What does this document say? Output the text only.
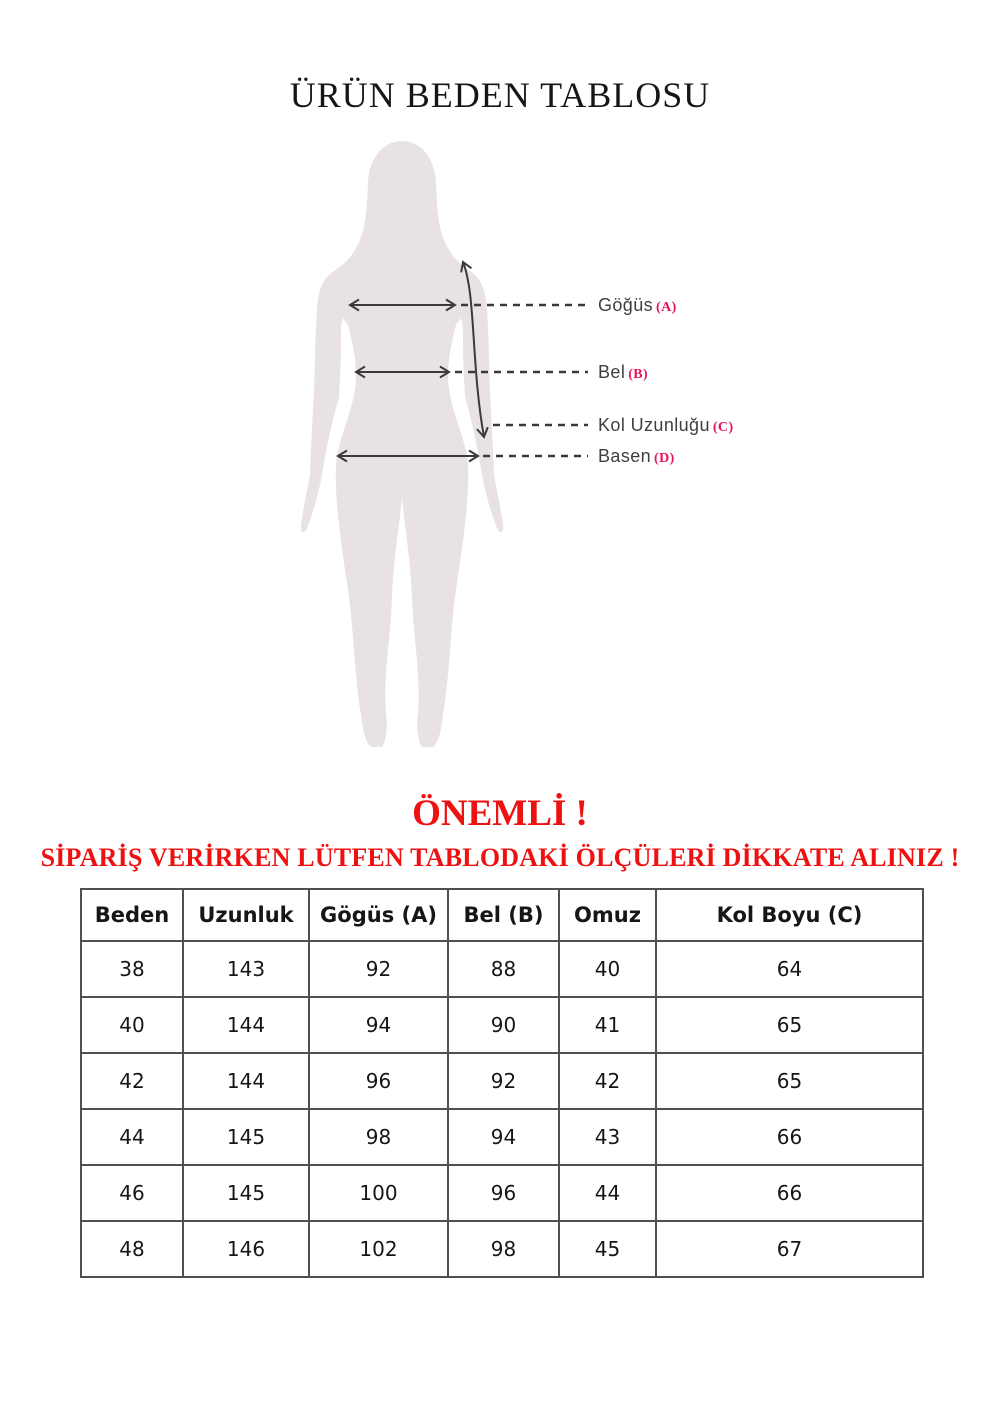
ÜRÜN BEDEN TABLOSU
Göğüs (A)
Bel (B)
Kol Uzunluğu (C)
Basen (D)
ÖNEMLİ !
SİPARİŞ VERİRKEN LÜTFEN TABLODAKİ ÖLÇÜLERİ DİKKATE ALINIZ !
Beden	Uzunluk	Gögüs (A)	Bel (B)	Omuz	Kol Boyu (C)
38	143	92	88	40	64
40	144	94	90	41	65
42	144	96	92	42	65
44	145	98	94	43	66
46	145	100	96	44	66
48	146	102	98	45	67
